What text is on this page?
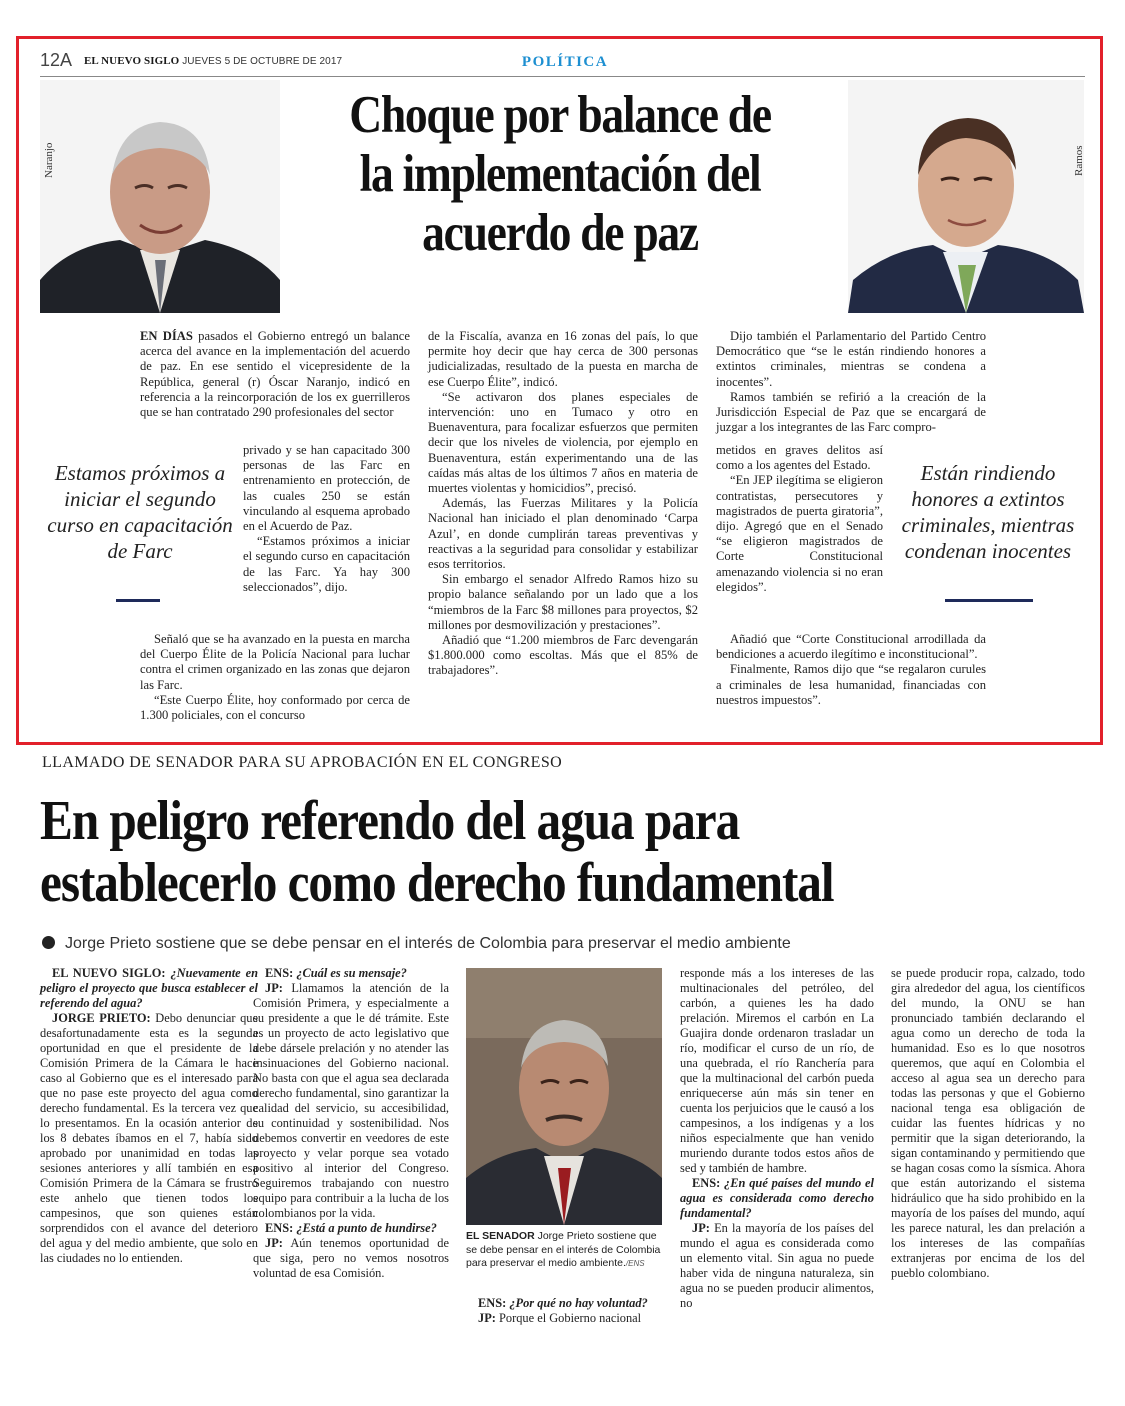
12A EL NUEVO SIGLO JUEVES 5 DE OCTUBRE DE 2017	POLÍTICA
Naranjo	Ramos
Choque por balance de
la implementación del
acuerdo de paz

EN DÍAS pasados el Gobierno entregó un balance acerca del avance en la implementación del acuerdo de paz. En ese sentido el vicepresidente de la República, general (r) Óscar Naranjo, indicó en referencia a la reincorporación de los ex guerrilleros que se han contratado 290 profesionales del sector

privado y se han capacitado 300 personas de las Farc en entrenamiento en protección, de las cuales 250 se están vinculando al esquema aprobado en el Acuerdo de Paz.

“Estamos próximos a iniciar el segundo curso en capacitación de las Farc. Ya hay 300 seleccionados”, dijo.

Señaló que se ha avanzado en la puesta en marcha del Cuerpo Élite de la Policía Nacional para luchar contra el crimen organizado en las zonas que dejaron las Farc.

“Este Cuerpo Élite, hoy conformado por cerca de 1.300 policiales, con el concurso

Estamos próximos a iniciar el segundo curso en capacitación de Farc

de la Fiscalía, avanza en 16 zonas del país, lo que permite hoy decir que hay cerca de 300 personas judicializadas, resultado de la puesta en marcha de ese Cuerpo Élite”, indicó.

“Se activaron dos planes especiales de intervención: uno en Tumaco y otro en Buenaventura, para focalizar esfuerzos que permiten decir que los niveles de violencia, por ejemplo en Buenaventura, están experimentando una de las caídas más altas de los últimos 7 años en materia de muertes violentas y homicidios”, precisó.

Además, las Fuerzas Militares y la Policía Nacional han iniciado el plan denominado ‘Carpa Azul’, en donde cumplirán tareas preventivas y reactivas a la seguridad para consolidar y estabilizar esos territorios.

Sin embargo el senador Alfredo Ramos hizo su propio balance señalando por un lado que a los “miembros de la Farc $8 millones para proyectos, $2 millones por desmovilización y prestaciones”.

Añadió que “1.200 miembros de Farc devengarán $1.800.000 como escoltas. Más que el 85% de trabajadores”.

Dijo también el Parlamentario del Partido Centro Democrático que “se le están rindiendo honores a extintos criminales, mientras se condena a inocentes”.

Ramos también se refirió a la creación de la Jurisdicción Especial de Paz que se encargará de juzgar a los integrantes de las Farc compro-

metidos en graves delitos así como a los agentes del Estado.

“En JEP ilegítima se eligieron contratistas, persecutores y magistrados de puerta giratoria”, dijo. Agregó que en el Senado “se eligieron magistrados de Corte Constitucional amenazando violencia si no eran elegidos”.

Añadió que “Corte Constitucional arrodillada da bendiciones a acuerdo ilegítimo e inconstitucional”.

Finalmente, Ramos dijo que “se regalaron curules a criminales de lesa humanidad, financiadas con nuestros impuestos”.

Están rindiendo honores a extintos criminales, mientras condenan inocentes
LLAMADO DE SENADOR PARA SU APROBACIÓN EN EL CONGRESO
En peligro referendo del agua para
establecerlo como derecho fundamental
Jorge Prieto sostiene que se debe pensar en el interés de Colombia para preservar el medio ambiente

EL NUEVO SIGLO: ¿Nuevamente en peligro el proyecto que busca establecer el referendo del agua?

JORGE PRIETO: Debo denunciar que desafortunadamente esta es la segunda oportunidad en que el presidente de la Comisión Primera de la Cámara le hace caso al Gobierno que es el interesado para que no pase este proyecto del agua como derecho fundamental. Es la tercera vez que lo presentamos. En la ocasión anterior de los 8 debates íbamos en el 7, había sido aprobado por unanimidad en todas las sesiones anteriores y allí también en esa Comisión Primera de la Cámara se frustró este anhelo que tienen todos los campesinos, que son quienes están sorprendidos con el avance del deterioro del agua y del medio ambiente, que solo en las ciudades no lo entienden.

ENS: ¿Cuál es su mensaje?

JP: Llamamos la atención de la Comisión Primera, y especialmente a su presidente a que le dé trámite. Este es un proyecto de acto legislativo que debe dársele prelación y no atender las insinuaciones del Gobierno nacional. No basta con que el agua sea declarada derecho fundamental, sino garantizar la calidad del servicio, su accesibilidad, su continuidad y sostenibilidad. Nos debemos convertir en veedores de este proyecto y velar porque sea votado positivo al interior del Congreso. Seguiremos trabajando con nuestro equipo para contribuir a la lucha de los colombianos por la vida.

ENS: ¿Está a punto de hundirse?

JP: Aún tenemos oportunidad de que siga, pero no vemos nosotros voluntad de esa Comisión.

EL SENADOR Jorge Prieto sostiene que se debe pensar en el interés de Colombia para preservar el medio ambiente./ENS

ENS: ¿Por qué no hay voluntad?

JP: Porque el Gobierno nacional

responde más a los intereses de las multinacionales del petróleo, del carbón, a quienes les ha dado prelación. Miremos el carbón en La Guajira donde ordenaron trasladar un río, modificar el curso de un río, de una quebrada, el río Ranchería para que la multinacional del carbón pueda enriquecerse aún más sin tener en cuenta los perjuicios que le causó a los campesinos, a los indígenas y a los niños especialmente que han venido muriendo durante todos estos años de sed y también de hambre.

ENS: ¿En qué países del mundo el agua es considerada como derecho fundamental?

JP: En la mayoría de los países del mundo el agua es considerada como un elemento vital. Sin agua no puede haber vida de ninguna naturaleza, sin agua no se pueden producir alimentos, no

se puede producir ropa, calzado, todo gira alrededor del agua, los científicos del mundo, la ONU se han pronunciado también declarando el agua como un derecho de toda la humanidad. Eso es lo que nosotros queremos, que aquí en Colombia el acceso al agua sea un derecho para todas las personas y que el Gobierno nacional tenga esa obligación de cuidar las fuentes hídricas y no permitir que la sigan deteriorando, la sigan contaminando y permitiendo que se hagan cosas como la sísmica. Ahora que están autorizando el sistema hidráulico que ha sido prohibido en la mayoría de los países del mundo, aquí les parece natural, les dan prelación a los intereses de las compañías extranjeras por encima de los del pueblo colombiano.
